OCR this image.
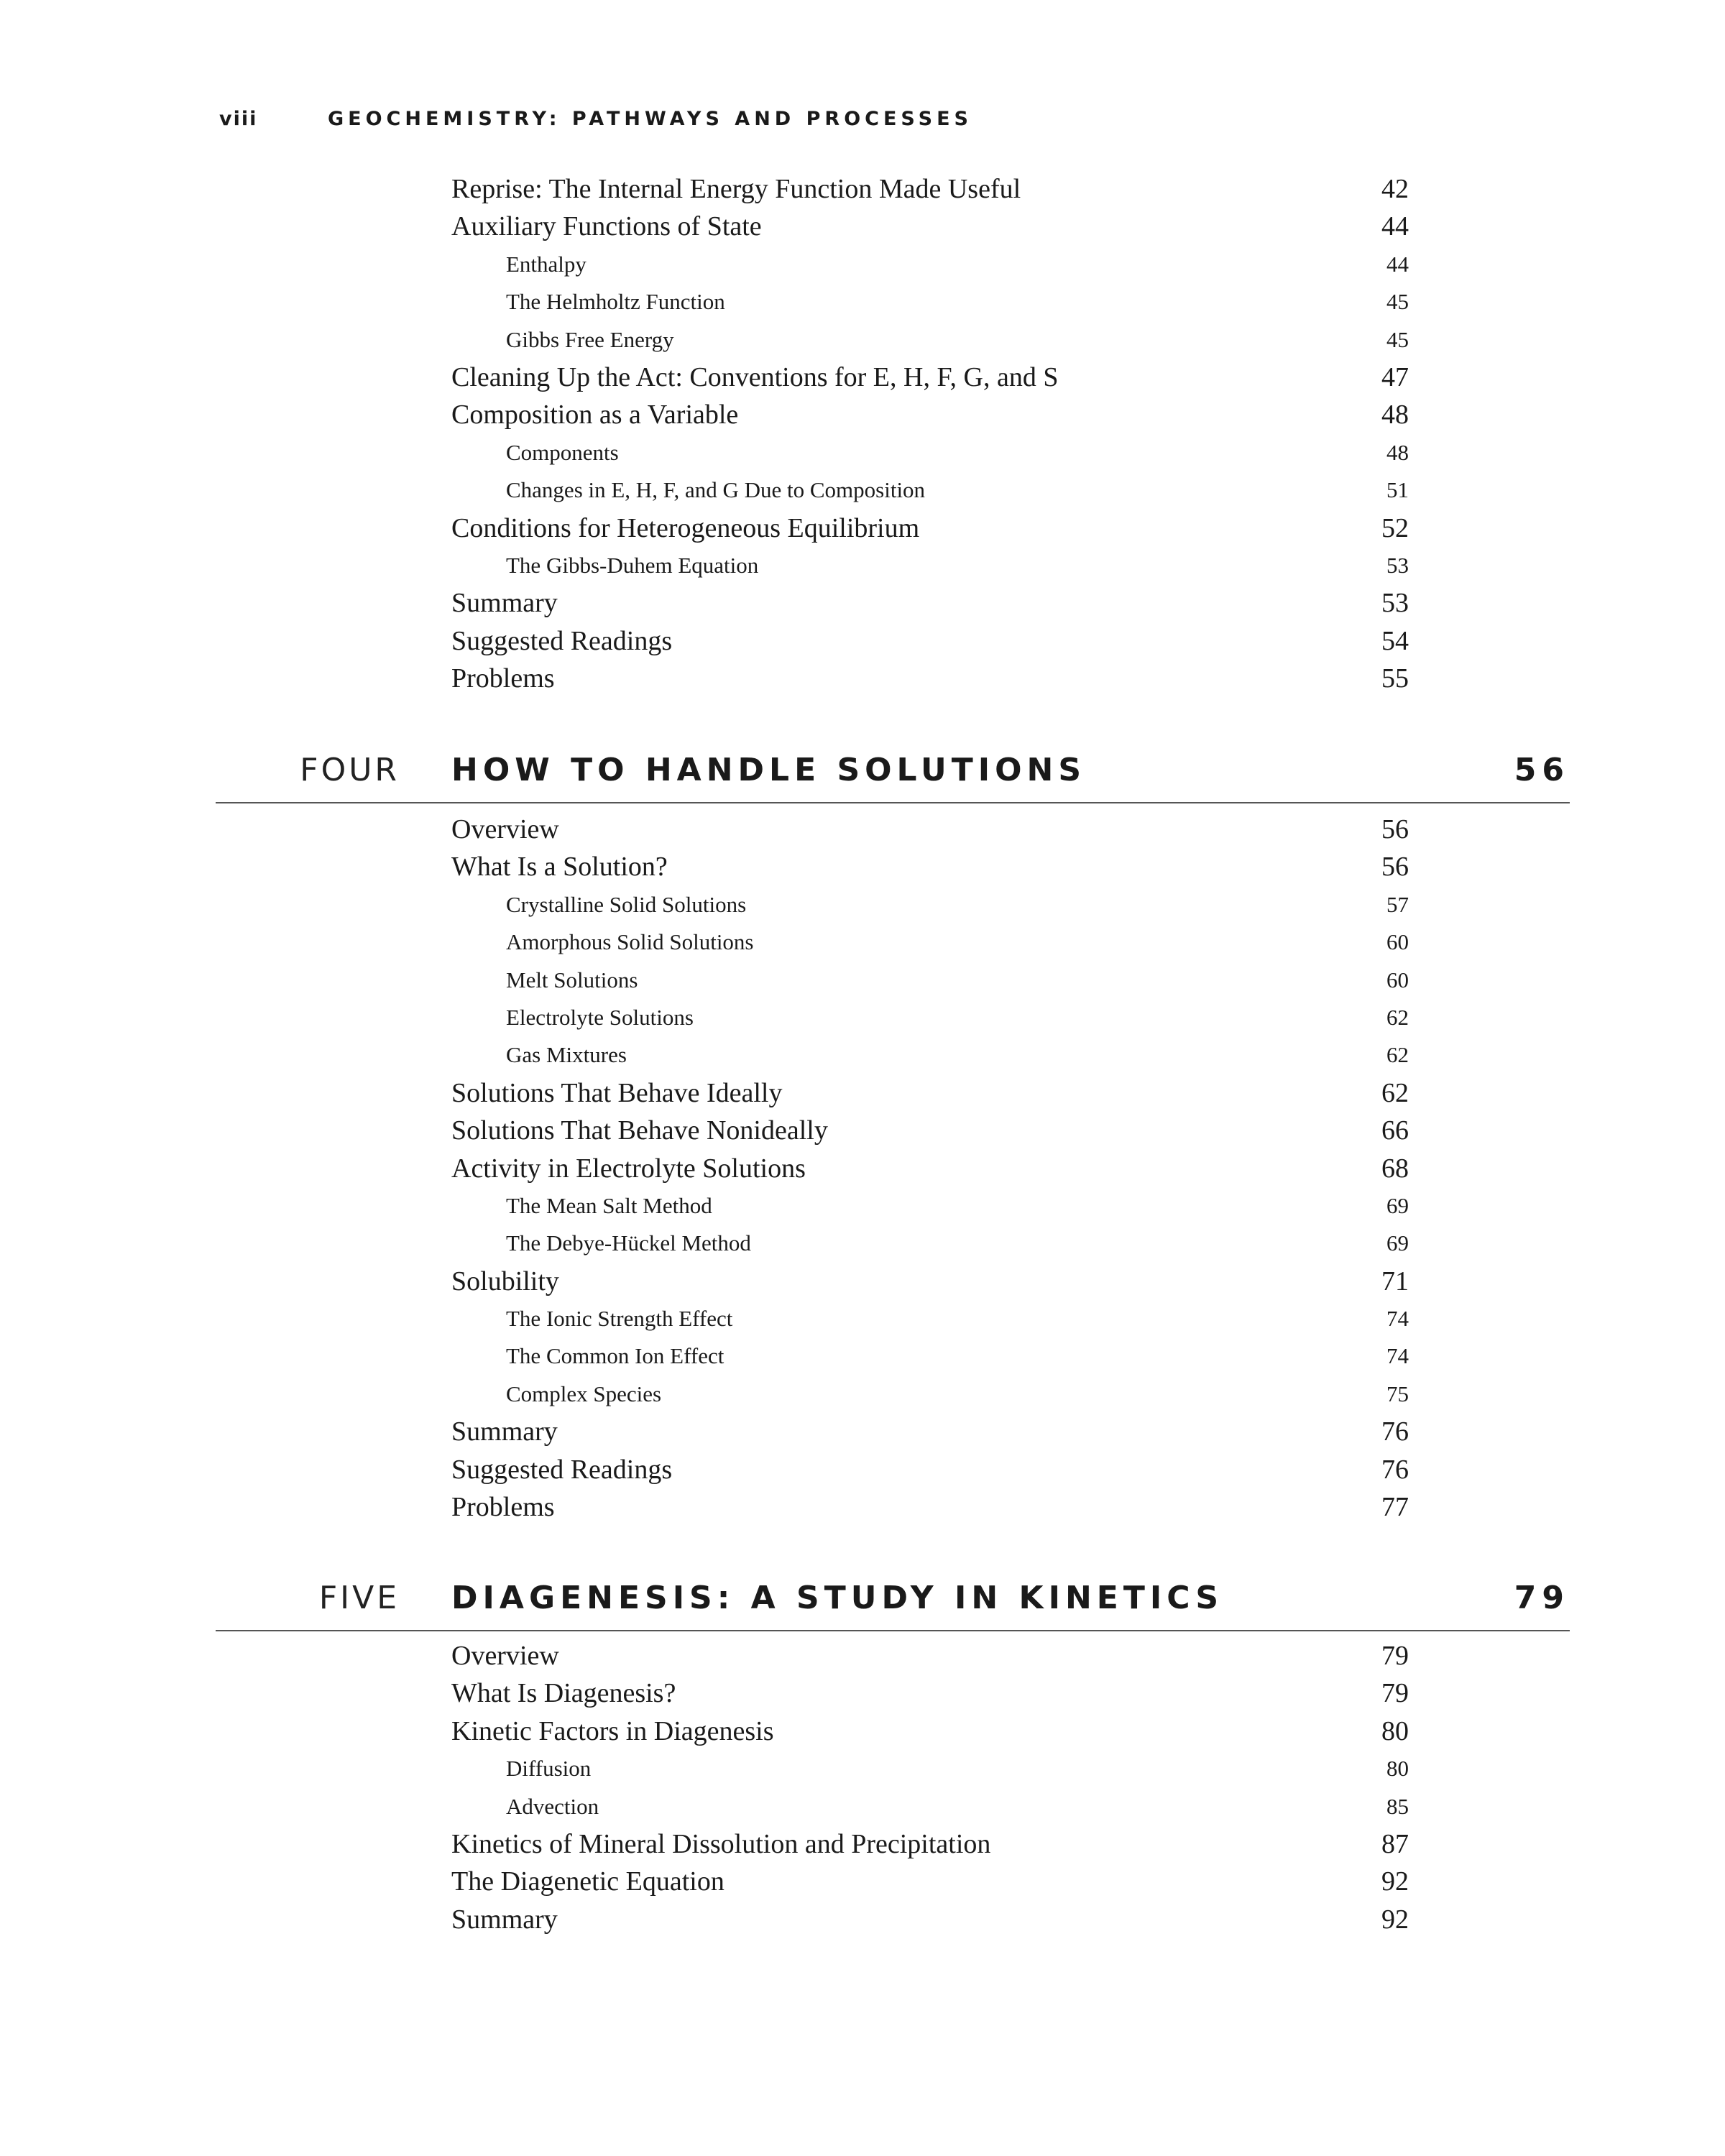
viii	GEOCHEMISTRY: PATHWAYS AND PROCESSES
Reprise: The Internal Energy Function Made Useful	42
Auxiliary Functions of State	44
Enthalpy	44
The Helmholtz Function	45
Gibbs Free Energy	45
Cleaning Up the Act: Conventions for E, H, F, G, and S	47
Composition as a Variable	48
Components	48
Changes in E, H, F, and G Due to Composition	51
Conditions for Heterogeneous Equilibrium	52
The Gibbs-Duhem Equation	53
Summary	53
Suggested Readings	54
Problems	55
FOUR HOW TO HANDLE SOLUTIONS	56
Overview	56
What Is a Solution?	56
Crystalline Solid Solutions	57
Amorphous Solid Solutions	60
Melt Solutions	60
Electrolyte Solutions	62
Gas Mixtures	62
Solutions That Behave Ideally	62
Solutions That Behave Nonideally	66
Activity in Electrolyte Solutions	68
The Mean Salt Method	69
The Debye-Hückel Method	69
Solubility	71
The Ionic Strength Effect	74
The Common Ion Effect	74
Complex Species	75
Summary	76
Suggested Readings	76
Problems	77
FIVE DIAGENESIS: A STUDY IN KINETICS	79
Overview	79
What Is Diagenesis?	79
Kinetic Factors in Diagenesis	80
Diffusion	80
Advection	85
Kinetics of Mineral Dissolution and Precipitation	87
The Diagenetic Equation	92
Summary	92
